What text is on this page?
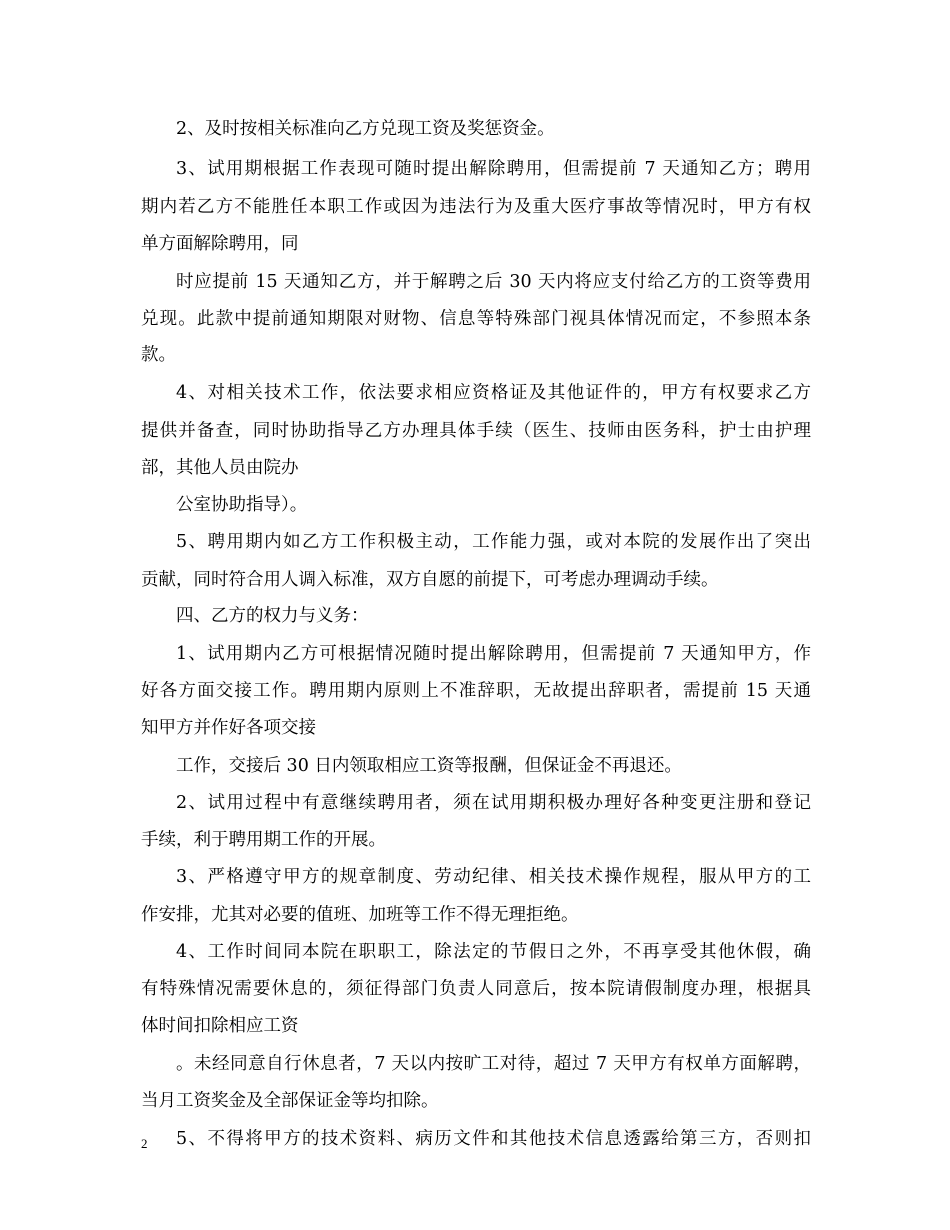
2、及时按相关标准向乙方兑现工资及奖惩资金。
3、试用期根据工作表现可随时提出解除聘用，但需提前 7 天通知乙方；聘用
期内若乙方不能胜任本职工作或因为违法行为及重大医疗事故等情况时，甲方有权
单方面解除聘用，同
时应提前 15 天通知乙方，并于解聘之后 30 天内将应支付给乙方的工资等费用
兑现。此款中提前通知期限对财物、信息等特殊部门视具体情况而定，不参照本条
款。
4、对相关技术工作，依法要求相应资格证及其他证件的，甲方有权要求乙方
提供并备查，同时协助指导乙方办理具体手续（医生、技师由医务科，护士由护理
部，其他人员由院办
公室协助指导）。
5、聘用期内如乙方工作积极主动，工作能力强，或对本院的发展作出了突出
贡献，同时符合用人调入标准，双方自愿的前提下，可考虑办理调动手续。
四、乙方的权力与义务：
1、试用期内乙方可根据情况随时提出解除聘用，但需提前 7 天通知甲方，作
好各方面交接工作。聘用期内原则上不准辞职，无故提出辞职者，需提前 15 天通
知甲方并作好各项交接
工作，交接后 30 日内领取相应工资等报酬，但保证金不再退还。
2、试用过程中有意继续聘用者，须在试用期积极办理好各种变更注册和登记
手续，利于聘用期工作的开展。
3、严格遵守甲方的规章制度、劳动纪律、相关技术操作规程，服从甲方的工
作安排，尤其对必要的值班、加班等工作不得无理拒绝。
4、工作时间同本院在职职工，除法定的节假日之外，不再享受其他休假，确
有特殊情况需要休息的，须征得部门负责人同意后，按本院请假制度办理，根据具
体时间扣除相应工资
。未经同意自行休息者，7 天以内按旷工对待，超过 7 天甲方有权单方面解聘，
当月工资奖金及全部保证金等均扣除。
5、不得将甲方的技术资料、病历文件和其他技术信息透露给第三方，否则扣
2
